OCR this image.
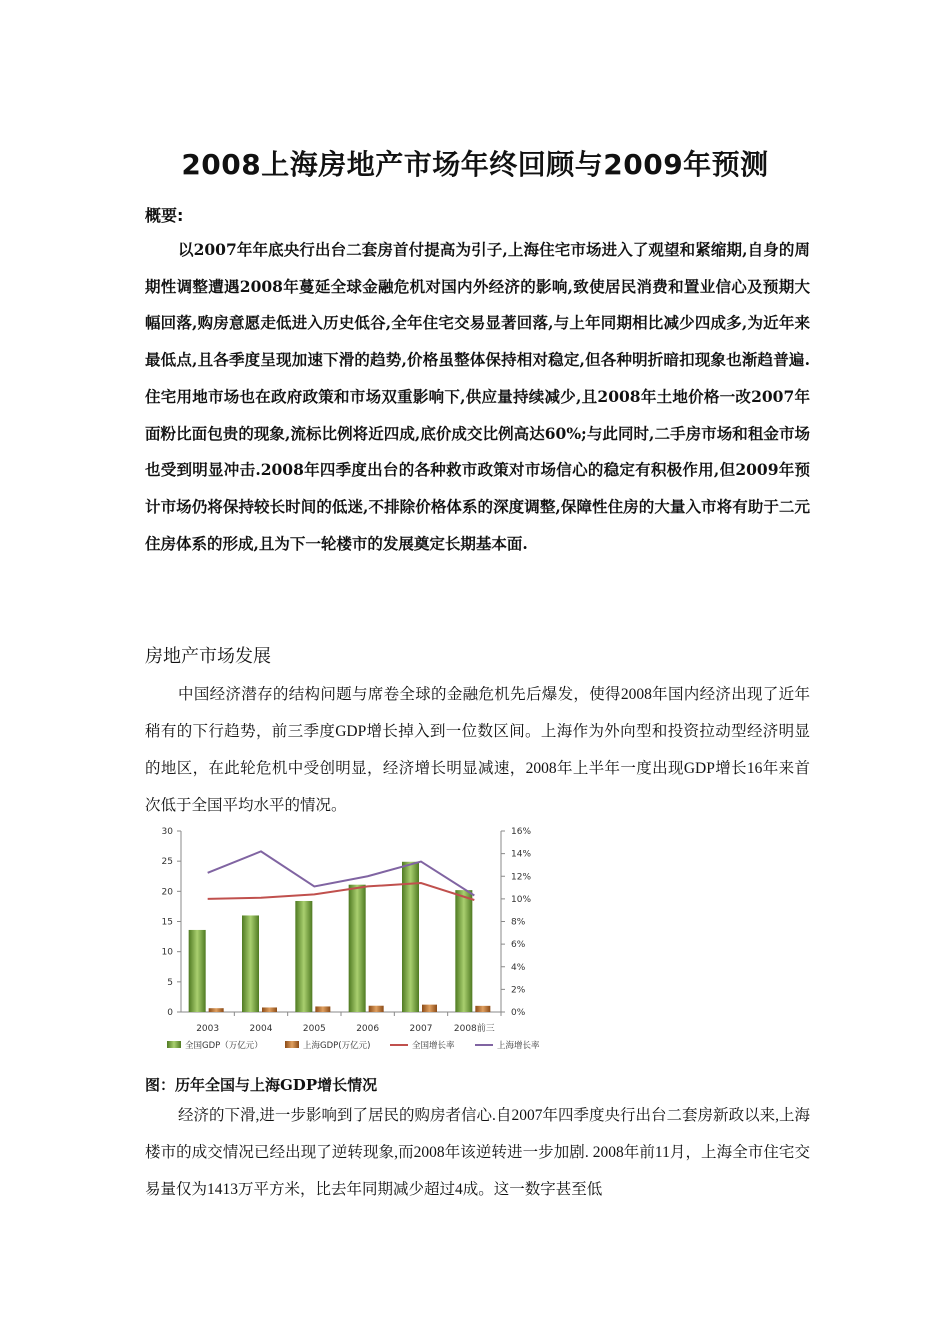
2008上海房地产市场年终回顾与2009年预测
概要:

以2007年年底央行出台二套房首付提高为引子,上海住宅市场进入了观望和紧缩期,自身的周期性调整遭遇2008年蔓延全球金融危机对国内外经济的影响,致使居民消费和置业信心及预期大幅回落,购房意愿走低进入历史低谷,全年住宅交易显著回落,与上年同期相比减少四成多,为近年来最低点,且各季度呈现加速下滑的趋势,价格虽整体保持相对稳定,但各种明折暗扣现象也渐趋普遍.住宅用地市场也在政府政策和市场双重影响下,供应量持续减少,且2008年土地价格一改2007年面粉比面包贵的现象,流标比例将近四成,底价成交比例高达60%;与此同时,二手房市场和租金市场也受到明显冲击.2008年四季度出台的各种救市政策对市场信心的稳定有积极作用,但2009年预计市场仍将保持较长时间的低迷,不排除价格体系的深度调整,保障性住房的大量入市将有助于二元住房体系的形成,且为下一轮楼市的发展奠定长期基本面.

房地产市场发展

中国经济潜存的结构问题与席卷全球的金融危机先后爆发，使得2008年国内经济出现了近年稍有的下行趋势，前三季度GDP增长掉入到一位数区间。上海作为外向型和投资拉动型经济明显的地区，在此轮危机中受创明显，经济增长明显减速，2008年上半年一度出现GDP增长16年来首次低于全国平均水平的情况。

0
5
10
15
20
25
30
0%
2%
4%
6%
8%
10%
12%
14%
16%
2003	2004	2005	2006	2007 2008前三
全国GDP（万亿元）	上海GDP(万亿元)	全国增长率	上海增长率
图：历年全国与上海GDP增长情况

经济的下滑,进一步影响到了居民的购房者信心.自2007年四季度央行出台二套房新政以来,上海楼市的成交情况已经出现了逆转现象,而2008年该逆转进一步加剧. 2008年前11月，上海全市住宅交易量仅为1413万平方米，比去年同期减少超过4成。这一数字甚至低
